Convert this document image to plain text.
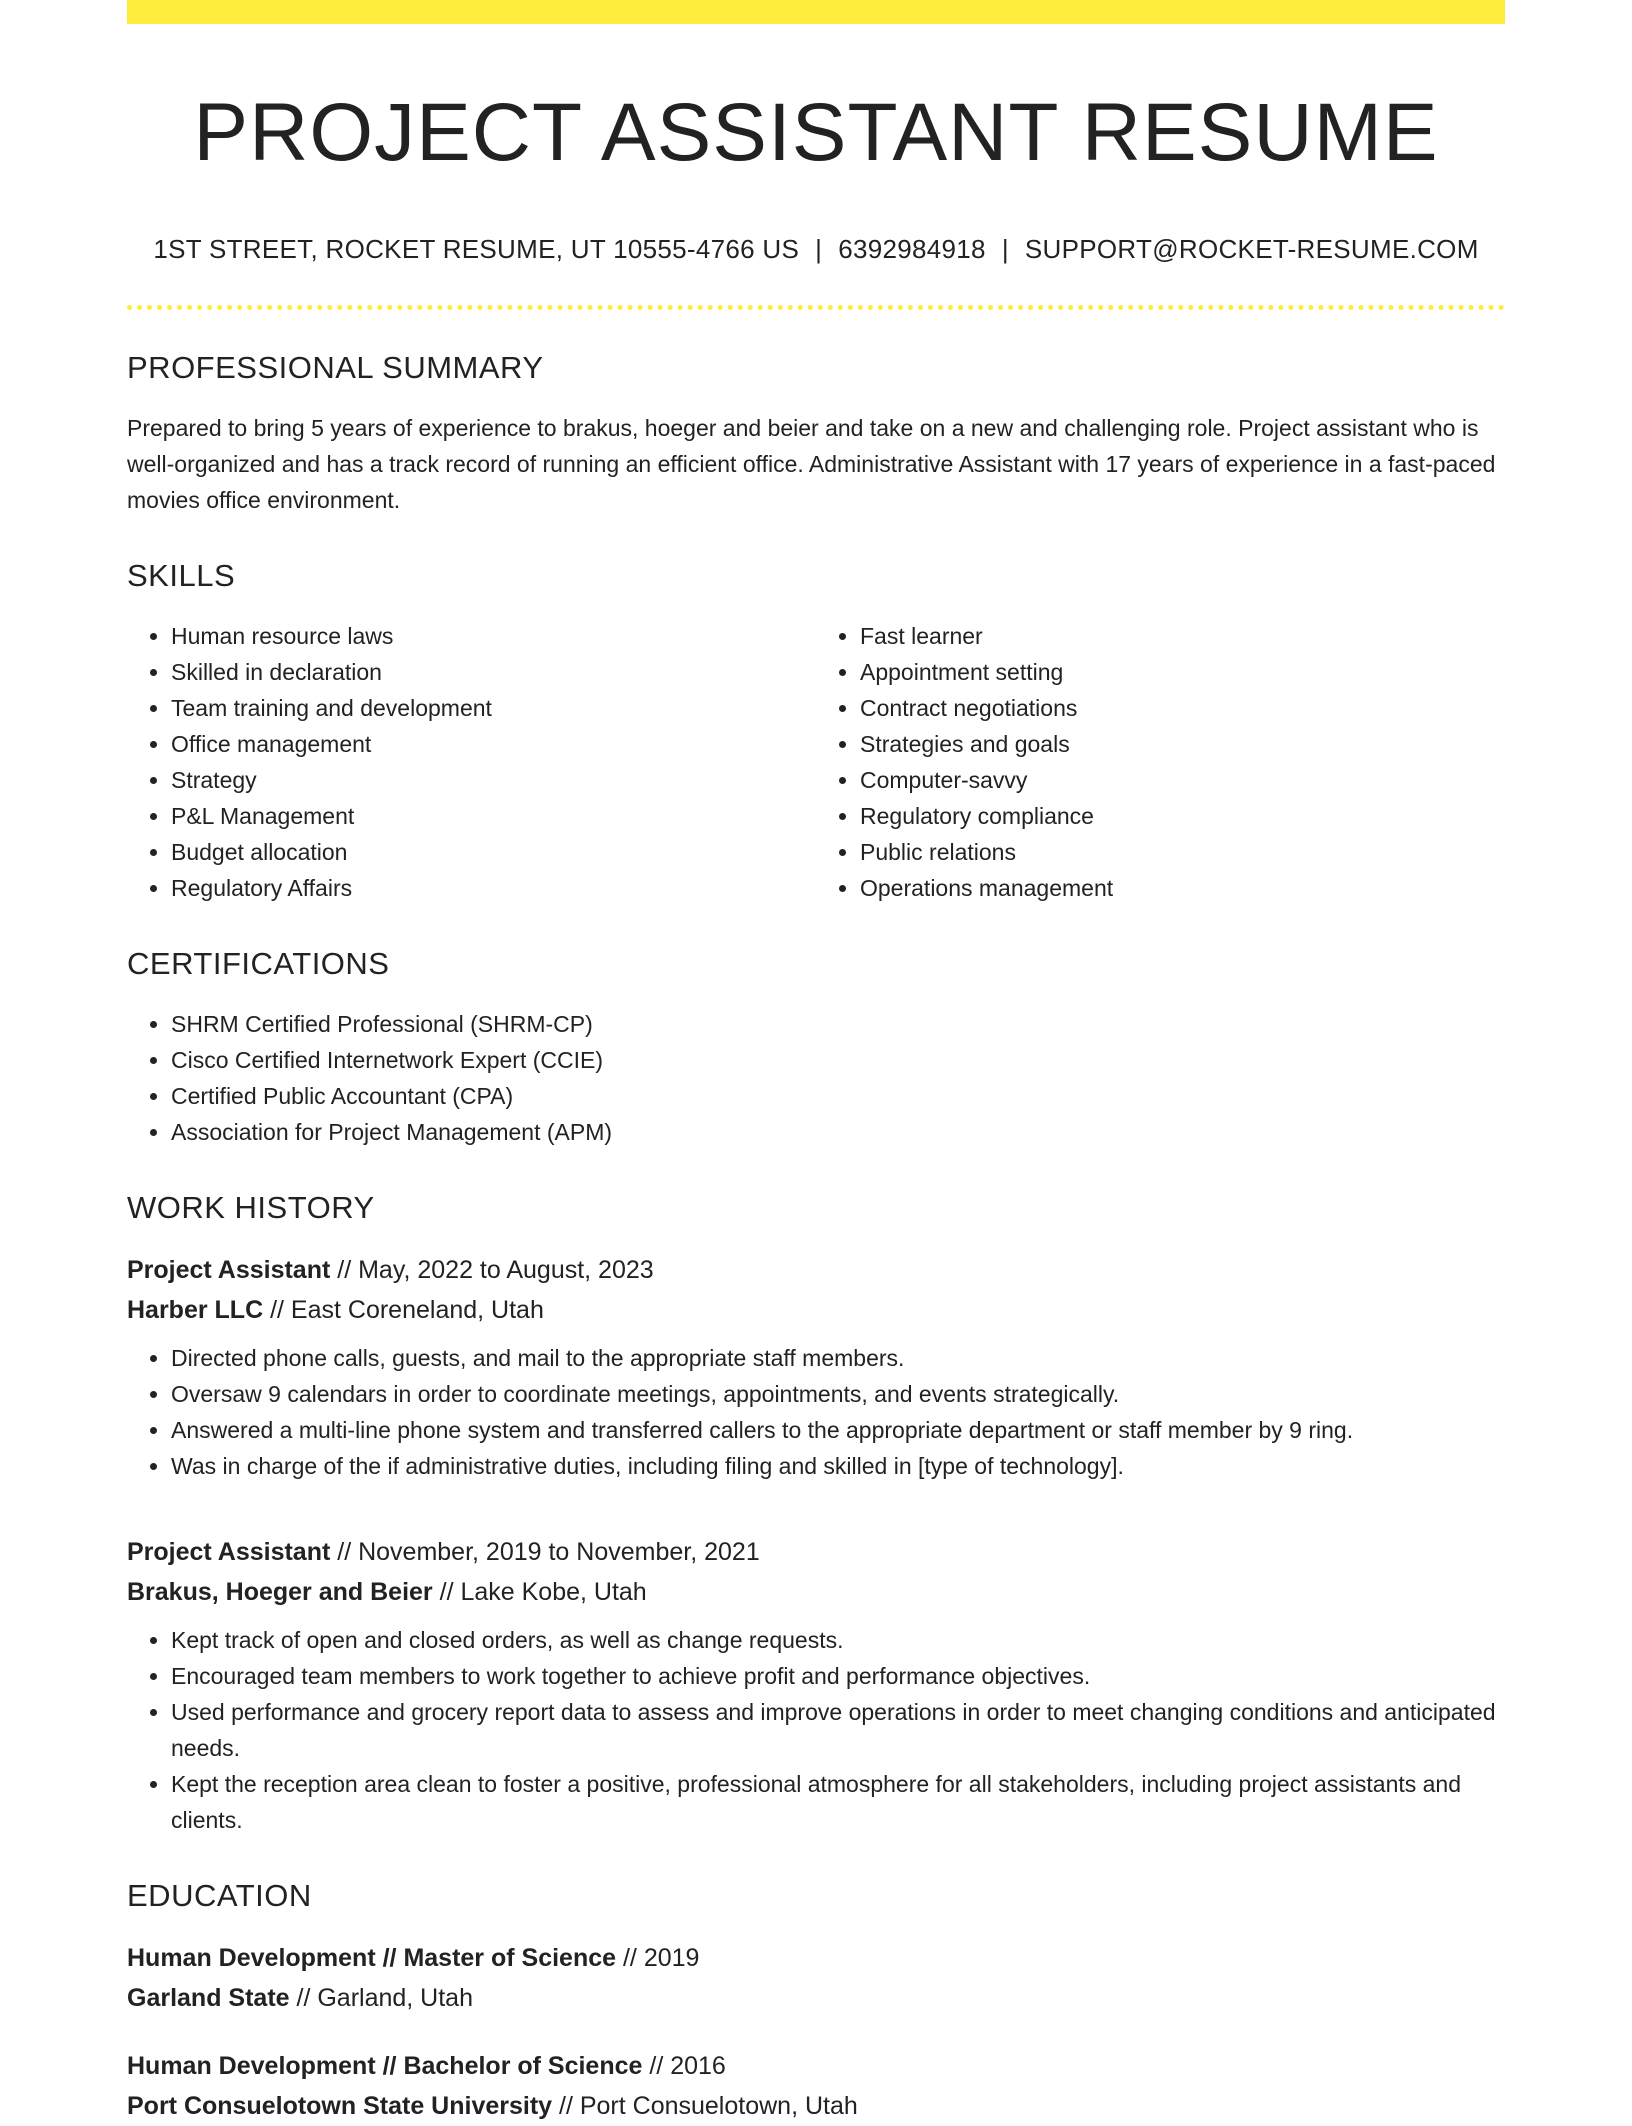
PROJECT ASSISTANT RESUME
1ST STREET, ROCKET RESUME, UT 10555-4766 US | 6392984918 | SUPPORT@ROCKET-RESUME.COM
PROFESSIONAL SUMMARY

Prepared to bring 5 years of experience to brakus, hoeger and beier and take on a new and challenging role. Project assistant who is well-organized and has a track record of running an efficient office. Administrative Assistant with 17 years of experience in a fast-paced movies office environment.

SKILLS
• Human resource laws
• Skilled in declaration
• Team training and development
• Office management
• Strategy
• P&L Management
• Budget allocation
• Regulatory Affairs
• Fast learner
• Appointment setting
• Contract negotiations
• Strategies and goals
• Computer-savvy
• Regulatory compliance
• Public relations
• Operations management
CERTIFICATIONS
• SHRM Certified Professional (SHRM-CP)
• Cisco Certified Internetwork Expert (CCIE)
• Certified Public Accountant (CPA)
• Association for Project Management (APM)
WORK HISTORY
Project Assistant // May, 2022 to August, 2023
Harber LLC // East Coreneland, Utah
• Directed phone calls, guests, and mail to the appropriate staff members.
• Oversaw 9 calendars in order to coordinate meetings, appointments, and events strategically.
• Answered a multi-line phone system and transferred callers to the appropriate department or staff member by 9 ring.
• Was in charge of the if administrative duties, including filing and skilled in [type of technology].
Project Assistant // November, 2019 to November, 2021
Brakus, Hoeger and Beier // Lake Kobe, Utah
• Kept track of open and closed orders, as well as change requests.
• Encouraged team members to work together to achieve profit and performance objectives.
• Used performance and grocery report data to assess and improve operations in order to meet changing conditions and anticipated needs.
• Kept the reception area clean to foster a positive, professional atmosphere for all stakeholders, including project assistants and clients.
EDUCATION
Human Development // Master of Science // 2019
Garland State // Garland, Utah
Human Development // Bachelor of Science // 2016
Port Consuelotown State University // Port Consuelotown, Utah
